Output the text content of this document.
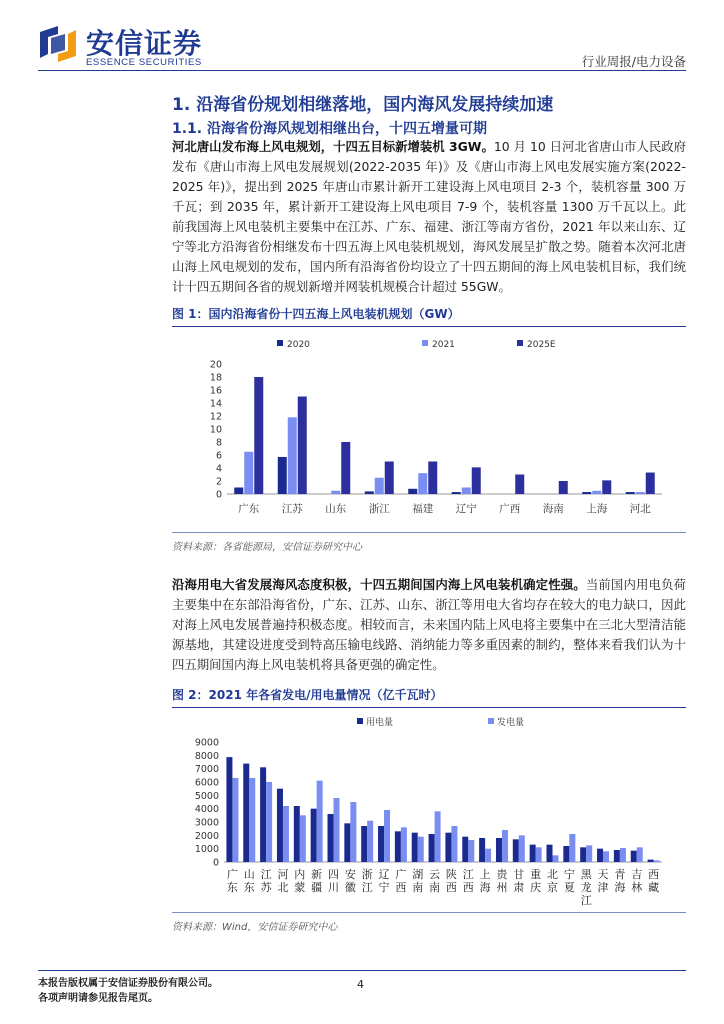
安信证券
ESSENCE SECURITIES	行业周报/电力设备
1. 沿海省份规划相继落地，国内海风发展持续加速
1.1. 沿海省份海风规划相继出台，十四五增量可期

河北唐山发布海上风电规划，十四五目标新增装机 3GW。10 月 10 日河北省唐山市人民政府发布《唐山市海上风电发展规划(2022-2035 年)》及《唐山市海上风电发展实施方案(2022-2025 年)》，提出到 2025 年唐山市累计新开工建设海上风电项目 2-3 个，装机容量 300 万千瓦；到 2035 年，累计新开工建设海上风电项目 7-9 个，装机容量 1300 万千瓦以上。此前我国海上风电装机主要集中在江苏、广东、福建、浙江等南方省份，2021 年以来山东、辽宁等北方沿海省份相继发布十四五海上风电装机规划，海风发展呈扩散之势。随着本次河北唐山海上风电规划的发布，国内所有沿海省份均设立了十四五期间的海上风电装机目标，我们统计十四五期间各省的规划新增并网装机规模合计超过 55GW。

图 1：国内沿海省份十四五海上风电装机规划（GW）
2020	2021	2025E
0
2
4
6
8
10
12
14
16
18
20
广东 江苏 山东 浙江 福建 辽宁 广西 海南 上海 河北
资料来源：各省能源局，安信证券研究中心

沿海用电大省发展海风态度积极，十四五期间国内海上风电装机确定性强。当前国内用电负荷主要集中在东部沿海省份，广东、江苏、山东、浙江等用电大省均存在较大的电力缺口，因此对海上风电发展普遍持积极态度。相较而言，未来国内陆上风电将主要集中在三北大型清洁能源基地，其建设进度受到特高压输电线路、消纳能力等多重因素的制约，整体来看我们认为十四五期间国内海上风电装机将具备更强的确定性。

图 2：2021 年各省发电/用电量情况（亿千瓦时）
用电量	发电量
0
1000
2000
3000
4000
5000
6000
7000
8000
9000
广东
山东
江苏
河北
内蒙
新疆
四川
安徽
浙江
辽宁
广西
湖南
云南
陕西
江西
上海
贵州
甘肃
重庆
北京
宁夏
黑龙江
天津
青海
吉林
西藏
资料来源：Wind，安信证券研究中心
本报告版权属于安信证券股份有限公司。
各项声明请参见报告尾页。
4
